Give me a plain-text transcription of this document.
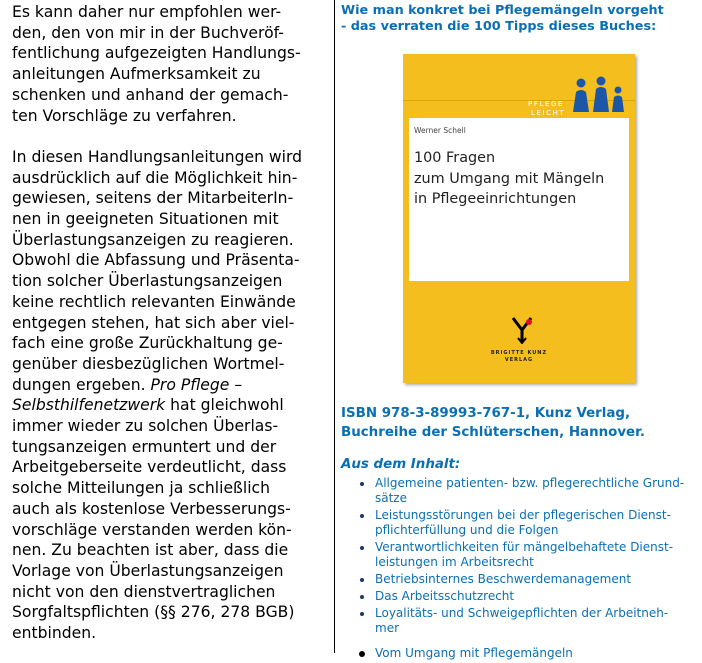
Es kann daher nur empfohlen wer-
den, den von mir in der Buchveröf-
fentlichung aufgezeigten Handlungs-
anleitungen Aufmerksamkeit zu
schenken und anhand der gemach-
ten Vorschläge zu verfahren.

In diesen Handlungsanleitungen wird
ausdrücklich auf die Möglichkeit hin-
gewiesen, seitens der MitarbeiterIn-
nen in geeigneten Situationen mit
Überlastungsanzeigen zu reagieren.
Obwohl die Abfassung und Präsenta-
tion solcher Überlastungsanzeigen
keine rechtlich relevanten Einwände
entgegen stehen, hat sich aber viel-
fach eine große Zurückhaltung ge-
genüber diesbezüglichen Wortmel-
dungen ergeben. Pro Pflege –
Selbsthilfenetzwerk hat gleichwohl
immer wieder zu solchen Überlas-
tungsanzeigen ermuntert und der
Arbeitgeberseite verdeutlicht, dass
solche Mitteilungen ja schließlich
auch als kostenlose Verbesserungs-
vorschläge verstanden werden kön-
nen. Zu beachten ist aber, dass die
Vorlage von Überlastungsanzeigen
nicht von den dienstvertraglichen
Sorgfaltspflichten (§§ 276, 278 BGB)
entbinden.

Wie man konkret bei Pflegemängeln vorgeht
- das verraten die 100 Tipps dieses Buches:
PFLEGE
LEICHT
Werner Schell
100 Fragen
zum Umgang mit Mängeln
in Pflegeeinrichtungen
BRIGITTE KUNZ
VERLAG
ISBN 978-3-89993-767-1, Kunz Verlag,
Buchreihe der Schlüterschen, Hannover.
Aus dem Inhalt:
Allgemeine patienten- bzw. pflegerechtliche Grund-
sätze
Leistungsstörungen bei der pflegerischen Dienst-
pflichterfüllung und die Folgen
Verantwortlichkeiten für mängelbehaftete Dienst-
leistungen im Arbeitsrecht
Betriebsinternes Beschwerdemanagement
Das Arbeitsschutzrecht
Loyalitäts- und Schweigepflichten der Arbeitneh-
mer
Vom Umgang mit Pflegemängeln
